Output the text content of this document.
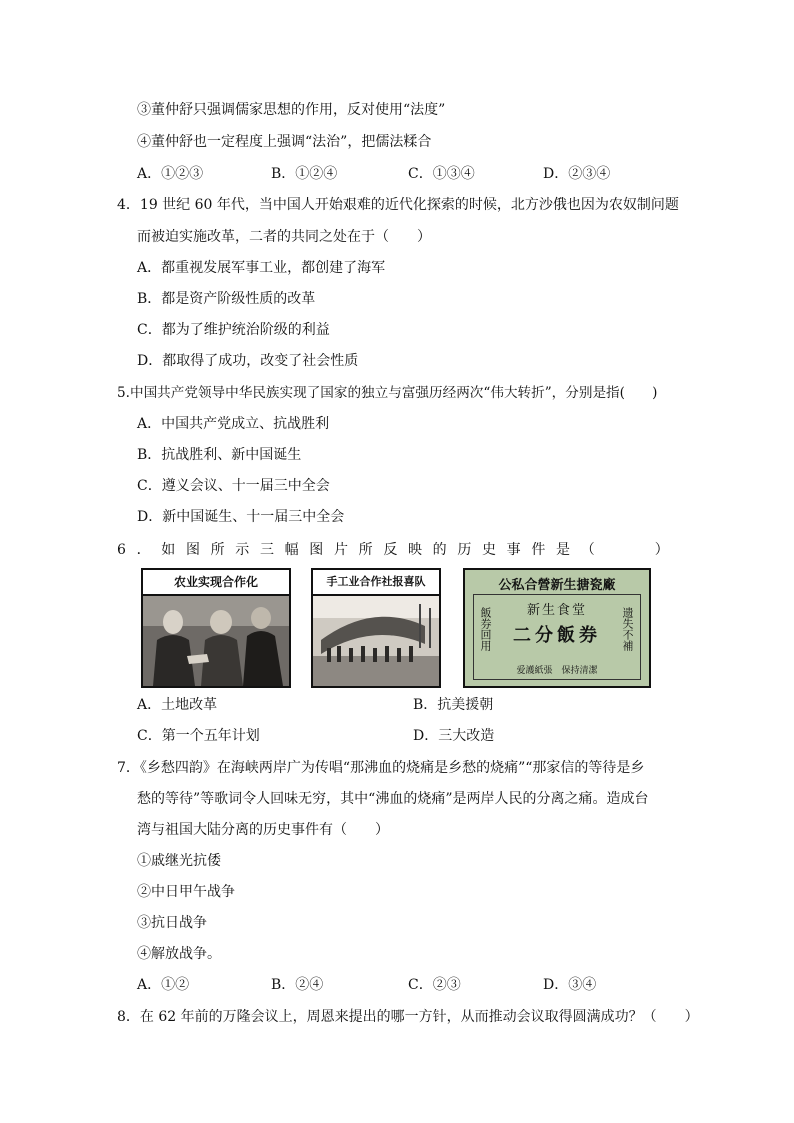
③董仲舒只强调儒家思想的作用，反对使用“法度”
④董仲舒也一定程度上强调“法治”，把儒法糅合
A．①②③	B．①②④	C．①③④	D．②③④
4．19 世纪 60 年代，当中国人开始艰难的近代化探索的时候，北方沙俄也因为农奴制问题
而被迫实施改革，二者的共同之处在于（　　）
A．都重视发展军事工业，都创建了海军
B．都是资产阶级性质的改革
C．都为了维护统治阶级的利益
D．都取得了成功，改变了社会性质
5.中国共产党领导中华民族实现了国家的独立与富强历经两次“伟大转折”，分别是指(　　)
A．中国共产党成立、抗战胜利
B．抗战胜利、新中国诞生
C．遵义会议、十一届三中全会
D．新中国诞生、十一届三中全会
6 ． 如 图 所 示 三 幅 图 片 所 反 映 的 历 史 事 件 是 （

　	）
农业实现合作化	手工业合作社报喜队	公私合營新生搪瓷廠
新生食堂
二分飯券
飯券回用	遗失不補
爱護紙張　保持清潔
A．土地改革	B．抗美援朝
C．第一个五年计划	D．三大改造
7．《乡愁四韵》在海峡两岸广为传唱“那沸血的烧痛是乡愁的烧痛”“那家信的等待是乡
愁的等待”等歌词令人回味无穷，其中“沸血的烧痛”是两岸人民的分离之痛。造成台
湾与祖国大陆分离的历史事件有（　　）
①戚继光抗倭
②中日甲午战争
③抗日战争
④解放战争。
A．①②	B．②④	C．②③	D．③④
8．在 62 年前的万隆会议上，周恩来提出的哪一方针，从而推动会议取得圆满成功？（　　）
